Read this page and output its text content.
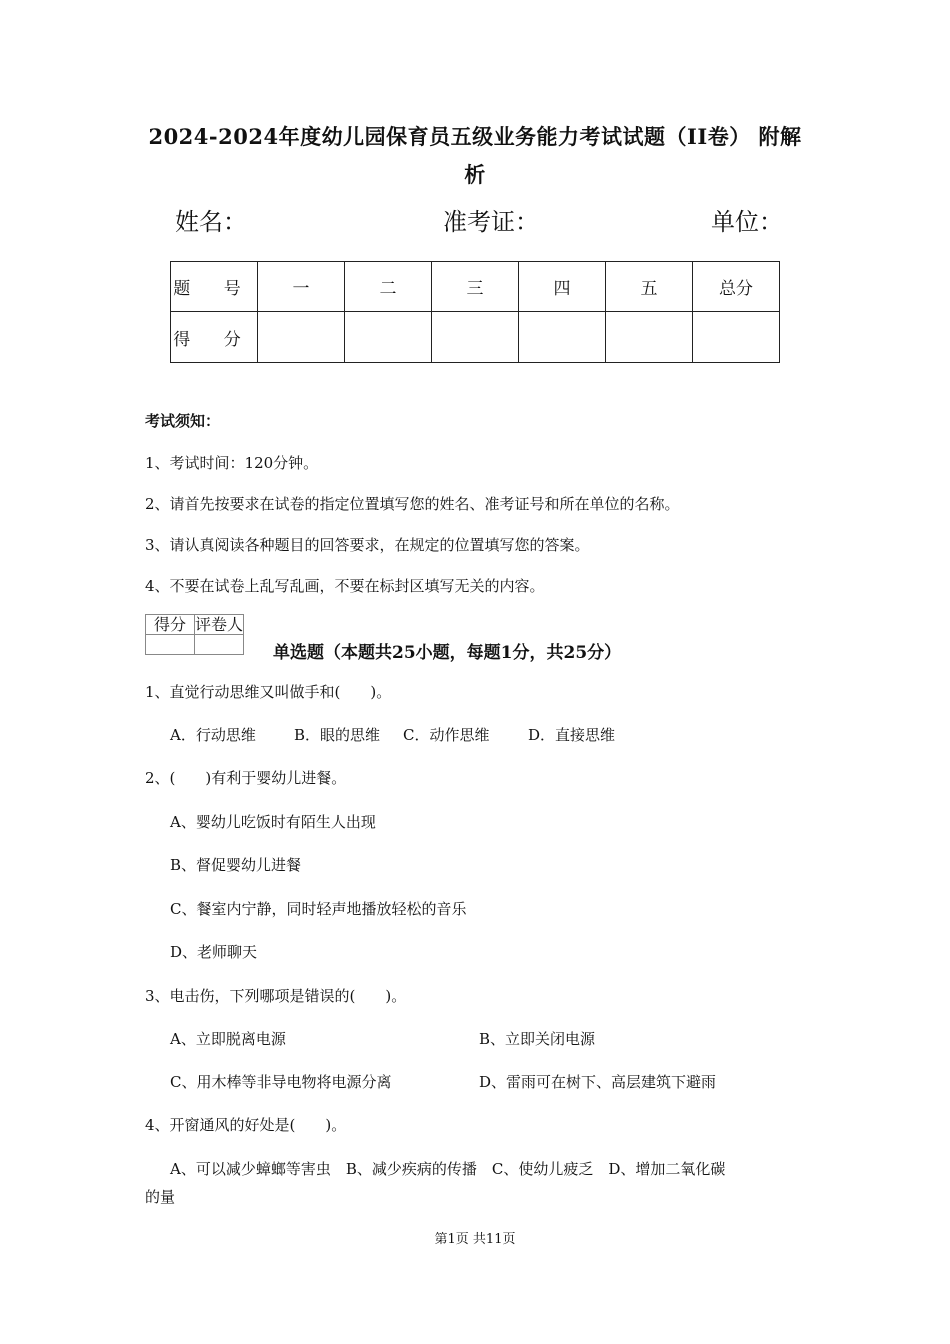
2024-2024年度幼儿园保育员五级业务能力考试试题（II卷） 附解
析
姓名：	准考证：	单位：
题 号	一	二	三	四	五	总分
得 分						
考试须知：
1、考试时间：120分钟。
2、请首先按要求在试卷的指定位置填写您的姓名、准考证号和所在单位的名称。
3、请认真阅读各种题目的回答要求，在规定的位置填写您的答案。
4、不要在试卷上乱写乱画，不要在标封区填写无关的内容。
得分	评卷人

单选题（本题共25小题，每题1分，共25分）
1、直觉行动思维又叫做手和(　　)。
A．行动思维	B．眼的思维 C．动作思维	D．直接思维
2、(　　)有利于婴幼儿进餐。
A、婴幼儿吃饭时有陌生人出现
B、督促婴幼儿进餐
C、餐室内宁静，同时轻声地播放轻松的音乐
D、老师聊天
3、电击伤，下列哪项是错误的(　　)。
A、立即脱离电源	B、立即关闭电源
C、用木棒等非导电物将电源分离	D、雷雨可在树下、高层建筑下避雨
4、开窗通风的好处是(　　)。
A、可以减少蟑螂等害虫　B、减少疾病的传播　C、使幼儿疲乏　D、增加二氧化碳
的量
第1页 共11页
